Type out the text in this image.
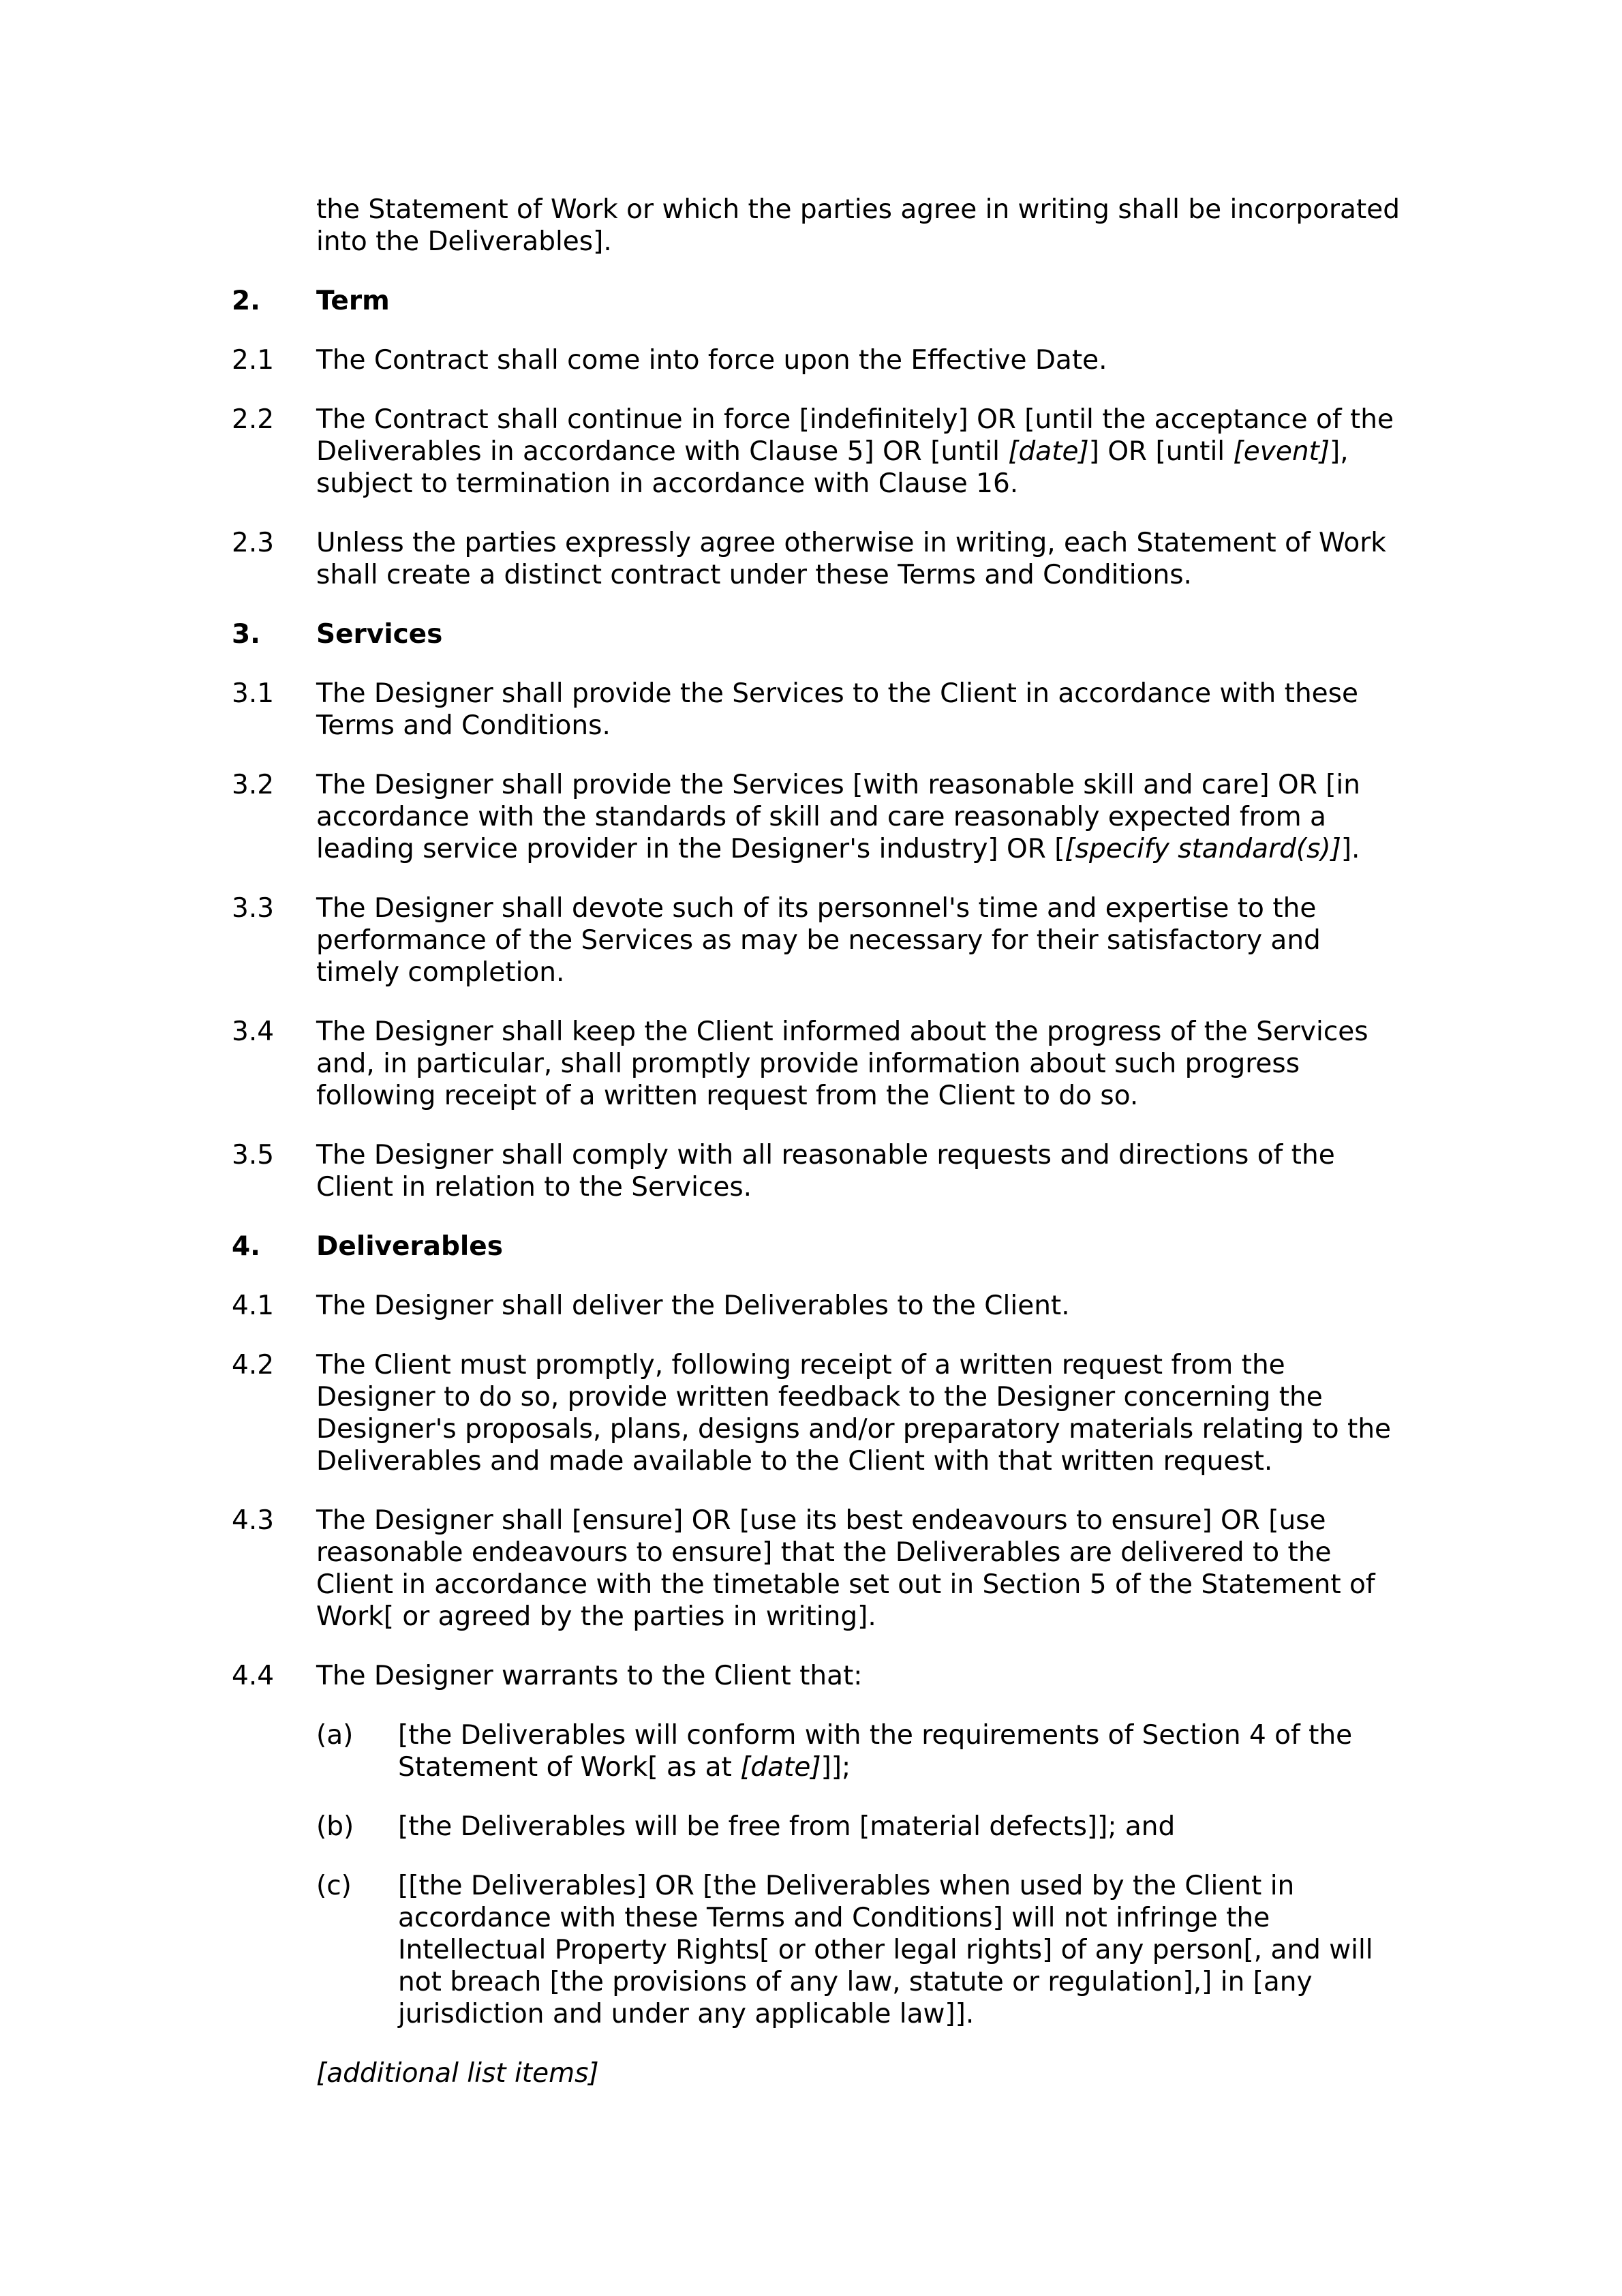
the Statement of Work or which the parties agree in writing shall be incorporated into the Deliverables].
2.	Term
2.1	The Contract shall come into force upon the Effective Date.
2.2	The Contract shall continue in force [indefinitely] OR [until the acceptance of the Deliverables in accordance with Clause 5] OR [until [date]] OR [until [event]], subject to termination in accordance with Clause 16.
2.3	Unless the parties expressly agree otherwise in writing, each Statement of Work shall create a distinct contract under these Terms and Conditions.
3.	Services
3.1	The Designer shall provide the Services to the Client in accordance with these Terms and Conditions.
3.2	The Designer shall provide the Services [with reasonable skill and care] OR [in accordance with the standards of skill and care reasonably expected from a leading service provider in the Designer's industry] OR [[specify standard(s)]].
3.3	The Designer shall devote such of its personnel's time and expertise to the performance of the Services as may be necessary for their satisfactory and timely completion.
3.4	The Designer shall keep the Client informed about the progress of the Services and, in particular, shall promptly provide information about such progress following receipt of a written request from the Client to do so.
3.5	The Designer shall comply with all reasonable requests and directions of the Client in relation to the Services.
4.	Deliverables
4.1	The Designer shall deliver the Deliverables to the Client.
4.2	The Client must promptly, following receipt of a written request from the Designer to do so, provide written feedback to the Designer concerning the Designer's proposals, plans, designs and/or preparatory materials relating to the Deliverables and made available to the Client with that written request.
4.3	The Designer shall [ensure] OR [use its best endeavours to ensure] OR [use reasonable endeavours to ensure] that the Deliverables are delivered to the Client in accordance with the timetable set out in Section 5 of the Statement of Work[ or agreed by the parties in writing].
4.4	The Designer warrants to the Client that:
(a)	[the Deliverables will conform with the requirements of Section 4 of the Statement of Work[ as at [date]]];
(b)	[the Deliverables will be free from [material defects]]; and
(c)	[[the Deliverables] OR [the Deliverables when used by the Client in accordance with these Terms and Conditions] will not infringe the Intellectual Property Rights[ or other legal rights] of any person[, and will not breach [the provisions of any law, statute or regulation],] in [any jurisdiction and under any applicable law]].
[additional list items]
